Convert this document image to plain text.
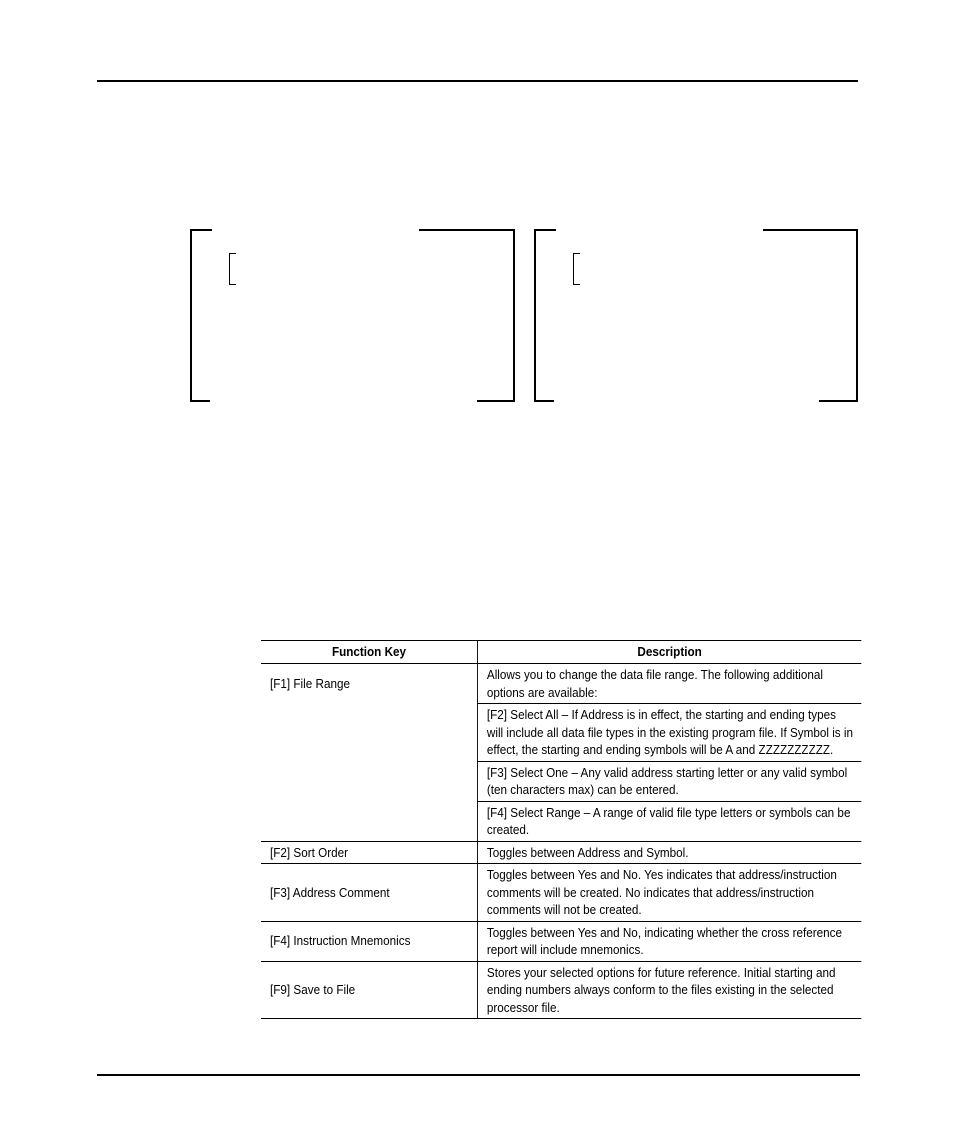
Function Key	Description
[F1] File Range	Allows you to change the data file range. The following additional options are available:
	[F2] Select All – If Address is in effect, the starting and ending types will include all data file types in the existing program file. If Symbol is in effect, the starting and ending symbols will be A and ZZZZZZZZZZ.
	[F3] Select One – Any valid address starting letter or any valid symbol (ten characters max) can be entered.
	[F4] Select Range – A range of valid file type letters or symbols can be created.
[F2] Sort Order	Toggles between Address and Symbol.
[F3] Address Comment	Toggles between Yes and No. Yes indicates that address/instruction comments will be created. No indicates that address/instruction comments will not be created.
[F4] Instruction Mnemonics	Toggles between Yes and No, indicating whether the cross reference report will include mnemonics.
[F9] Save to File	Stores your selected options for future reference. Initial starting and ending numbers always conform to the files existing in the selected processor file.
